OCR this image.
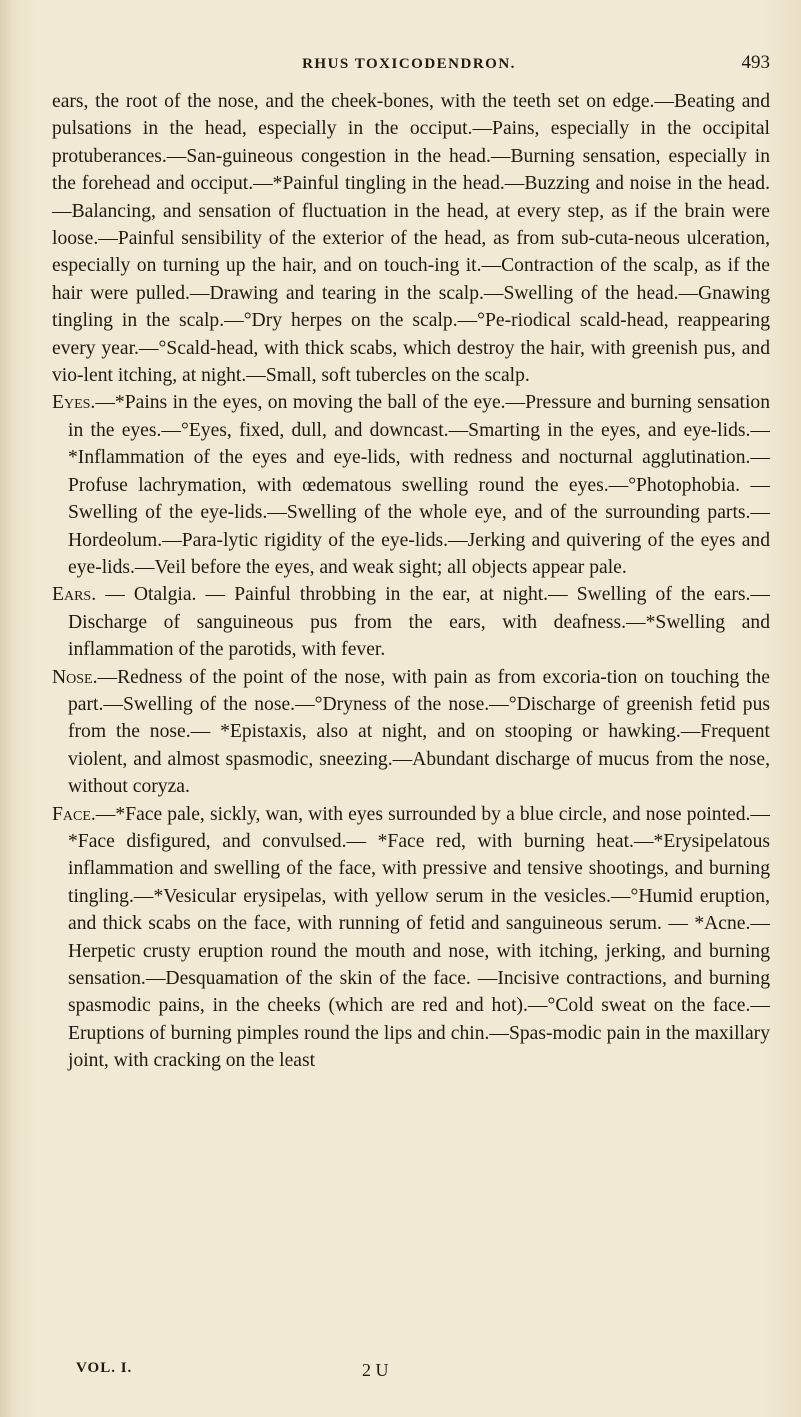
RHUS TOXICODENDRON.	493

ears, the root of the nose, and the cheek-bones, with the teeth set on edge.—Beating and pulsations in the head, especially in the occiput.—Pains, especially in the occipital protuberances.—San-guineous congestion in the head.—Burning sensation, especially in the forehead and occiput.—*Painful tingling in the head.—Buzzing and noise in the head.—Balancing, and sensation of fluctuation in the head, at every step, as if the brain were loose.—Painful sensibility of the exterior of the head, as from sub-cuta-neous ulceration, especially on turning up the hair, and on touch-ing it.—Contraction of the scalp, as if the hair were pulled.—Drawing and tearing in the scalp.—Swelling of the head.—Gnawing tingling in the scalp.—°Dry herpes on the scalp.—°Pe-riodical scald-head, reappearing every year.—°Scald-head, with thick scabs, which destroy the hair, with greenish pus, and vio-lent itching, at night.—Small, soft tubercles on the scalp.

Eyes.—*Pains in the eyes, on moving the ball of the eye.—Pressure and burning sensation in the eyes.—°Eyes, fixed, dull, and downcast.—Smarting in the eyes, and eye-lids.—*Inflammation of the eyes and eye-lids, with redness and nocturnal agglutination.—Profuse lachrymation, with œdematous swelling round the eyes.—°Photophobia. — Swelling of the eye-lids.—Swelling of the whole eye, and of the surrounding parts.— Hordeolum.—Para-lytic rigidity of the eye-lids.—Jerking and quivering of the eyes and eye-lids.—Veil before the eyes, and weak sight; all objects appear pale.

Ears. — Otalgia. — Painful throbbing in the ear, at night.— Swelling of the ears.—Discharge of sanguineous pus from the ears, with deafness.—*Swelling and inflammation of the parotids, with fever.

Nose.—Redness of the point of the nose, with pain as from excoria-tion on touching the part.—Swelling of the nose.—°Dryness of the nose.—°Discharge of greenish fetid pus from the nose.— *Epistaxis, also at night, and on stooping or hawking.—Frequent violent, and almost spasmodic, sneezing.—Abundant discharge of mucus from the nose, without coryza.

Face.—*Face pale, sickly, wan, with eyes surrounded by a blue circle, and nose pointed.—*Face disfigured, and convulsed.— *Face red, with burning heat.—*Erysipelatous inflammation and swelling of the face, with pressive and tensive shootings, and burning tingling.—*Vesicular erysipelas, with yellow serum in the vesicles.—°Humid eruption, and thick scabs on the face, with running of fetid and sanguineous serum. — *Acne.—Herpetic crusty eruption round the mouth and nose, with itching, jerking, and burning sensation.—Desquamation of the skin of the face. —Incisive contractions, and burning spasmodic pains, in the cheeks (which are red and hot).—°Cold sweat on the face.— Eruptions of burning pimples round the lips and chin.—Spas-modic pain in the maxillary joint, with cracking on the least

VOL. I.	2 U
